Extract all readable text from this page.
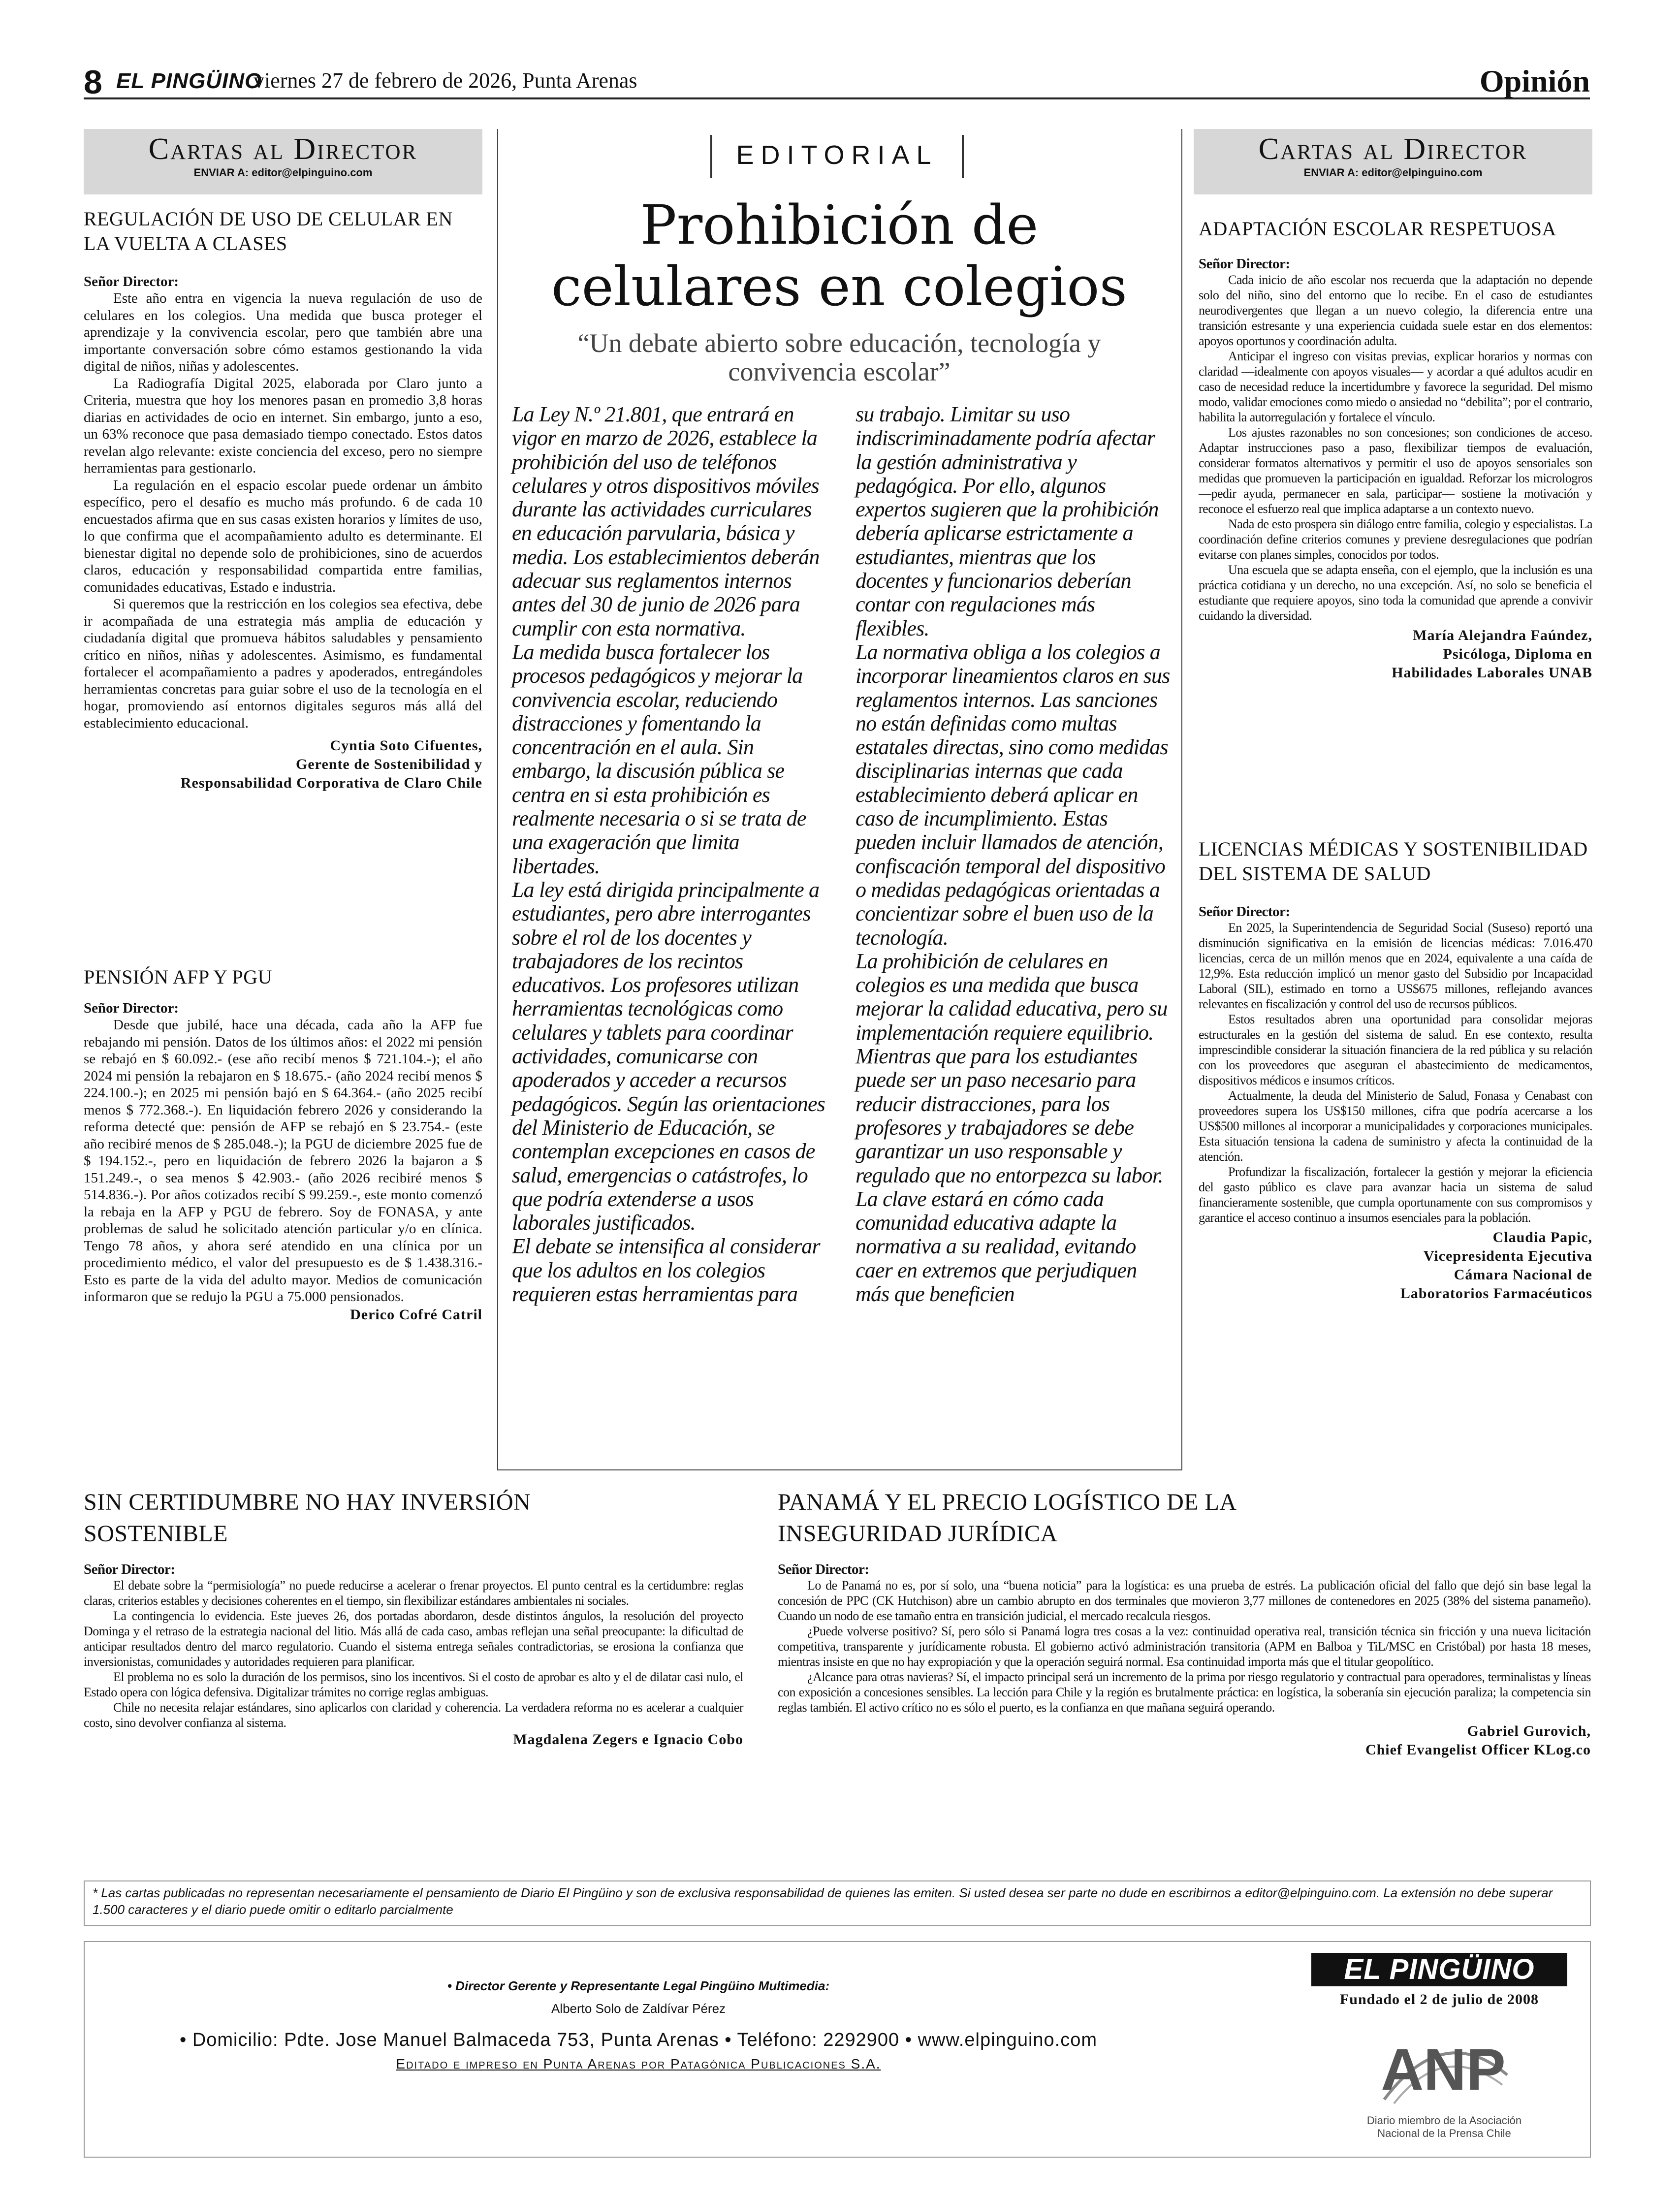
8 EL PINGÜINO
viernes 27 de febrero de 2026, Punta Arenas	Opinión
Cartas al Director
ENVIAR A: editor@elpinguino.com
REGULACIÓN DE USO DE CELULAR EN LA VUELTA A CLASES
Señor Director:

Este año entra en vigencia la nueva regulación de uso de celulares en los colegios. Una medida que busca proteger el aprendizaje y la convivencia escolar, pero que también abre una importante conversación sobre cómo estamos gestionando la vida digital de niños, niñas y adolescentes.

La Radiografía Digital 2025, elaborada por Claro junto a Criteria, muestra que hoy los menores pasan en promedio 3,8 horas diarias en actividades de ocio en internet. Sin embargo, junto a eso, un 63% reconoce que pasa demasiado tiempo conectado. Estos datos revelan algo relevante: existe conciencia del exceso, pero no siempre herramientas para gestionarlo.

La regulación en el espacio escolar puede ordenar un ámbito específico, pero el desafío es mucho más profundo. 6 de cada 10 encuestados afirma que en sus casas existen horarios y límites de uso, lo que confirma que el acompañamiento adulto es determinante. El bienestar digital no depende solo de prohibiciones, sino de acuerdos claros, educación y responsabilidad compartida entre familias, comunidades educativas, Estado e industria.

Si queremos que la restricción en los colegios sea efectiva, debe ir acompañada de una estrategia más amplia de educación y ciudadanía digital que promueva hábitos saludables y pensamiento crítico en niños, niñas y adolescentes. Asimismo, es fundamental fortalecer el acompañamiento a padres y apoderados, entregándoles herramientas concretas para guiar sobre el uso de la tecnología en el hogar, promoviendo así entornos digitales seguros más allá del establecimiento educacional.

Cyntia Soto Cifuentes,
Gerente de Sostenibilidad y
Responsabilidad Corporativa de Claro Chile
PENSIÓN AFP Y PGU
Señor Director:

Desde que jubilé, hace una década, cada año la AFP fue rebajando mi pensión. Datos de los últimos años: el 2022 mi pensión se rebajó en $ 60.092.- (ese año recibí menos $ 721.104.-); el año 2024 mi pensión la rebajaron en $ 18.675.- (año 2024 recibí menos $ 224.100.-); en 2025 mi pensión bajó en $ 64.364.- (año 2025 recibí menos $ 772.368.-). En liquidación febrero 2026 y considerando la reforma detecté que: pensión de AFP se rebajó en $ 23.754.- (este año recibiré menos de $ 285.048.-); la PGU de diciembre 2025 fue de $ 194.152.-, pero en liquidación de febrero 2026 la bajaron a $ 151.249.-, o sea menos $ 42.903.- (año 2026 recibiré menos $ 514.836.-). Por años cotizados recibí $ 99.259.-, este monto comenzó la rebaja en la AFP y PGU de febrero. Soy de FONASA, y ante problemas de salud he solicitado atención particular y/o en clínica. Tengo 78 años, y ahora seré atendido en una clínica por un procedimiento médico, el valor del presupuesto es de $ 1.438.316.- Esto es parte de la vida del adulto mayor. Medios de comunicación informaron que se redujo la PGU a 75.000 pensionados.

Derico Cofré Catril
EDITORIAL
Prohibición de celulares en colegios
“Un debate abierto sobre educación, tecnología y convivencia escolar”

La Ley N.º 21.801, que entrará en vigor en marzo de 2026, establece la prohibición del uso de teléfonos celulares y otros dispositivos móviles durante las actividades curriculares en educación parvularia, básica y media. Los establecimientos deberán adecuar sus reglamentos internos antes del 30 de junio de 2026 para cumplir con esta normativa.

La medida busca fortalecer los procesos pedagógicos y mejorar la convivencia escolar, reduciendo distracciones y fomentando la concentración en el aula. Sin embargo, la discusión pública se centra en si esta prohibición es realmente necesaria o si se trata de una exageración que limita libertades.

La ley está dirigida principalmente a estudiantes, pero abre interrogantes sobre el rol de los docentes y trabajadores de los recintos educativos. Los profesores utilizan herramientas tecnológicas como celulares y tablets para coordinar actividades, comunicarse con apoderados y acceder a recursos pedagógicos. Según las orientaciones del Ministerio de Educación, se contemplan excepciones en casos de salud, emergencias o catástrofes, lo que podría extenderse a usos laborales justificados.

El debate se intensifica al considerar que los adultos en los colegios requieren estas herramientas para

su trabajo. Limitar su uso indiscriminadamente podría afectar la gestión administrativa y pedagógica. Por ello, algunos expertos sugieren que la prohibición debería aplicarse estrictamente a estudiantes, mientras que los docentes y funcionarios deberían contar con regulaciones más flexibles.

La normativa obliga a los colegios a incorporar lineamientos claros en sus reglamentos internos. Las sanciones no están definidas como multas estatales directas, sino como medidas disciplinarias internas que cada establecimiento deberá aplicar en caso de incumplimiento. Estas pueden incluir llamados de atención, confiscación temporal del dispositivo o medidas pedagógicas orientadas a concientizar sobre el buen uso de la tecnología.

La prohibición de celulares en colegios es una medida que busca mejorar la calidad educativa, pero su implementación requiere equilibrio. Mientras que para los estudiantes puede ser un paso necesario para reducir distracciones, para los profesores y trabajadores se debe garantizar un uso responsable y regulado que no entorpezca su labor. La clave estará en cómo cada comunidad educativa adapte la normativa a su realidad, evitando caer en extremos que perjudiquen más que beneficien

Cartas al Director
ENVIAR A: editor@elpinguino.com
ADAPTACIÓN ESCOLAR RESPETUOSA
Señor Director:

Cada inicio de año escolar nos recuerda que la adaptación no depende solo del niño, sino del entorno que lo recibe. En el caso de estudiantes neurodivergentes que llegan a un nuevo colegio, la diferencia entre una transición estresante y una experiencia cuidada suele estar en dos elementos: apoyos oportunos y coordinación adulta.

Anticipar el ingreso con visitas previas, explicar horarios y normas con claridad —idealmente con apoyos visuales— y acordar a qué adultos acudir en caso de necesidad reduce la incertidumbre y favorece la seguridad. Del mismo modo, validar emociones como miedo o ansiedad no “debilita”; por el contrario, habilita la autorregulación y fortalece el vínculo.

Los ajustes razonables no son concesiones; son condiciones de acceso. Adaptar instrucciones paso a paso, flexibilizar tiempos de evaluación, considerar formatos alternativos y permitir el uso de apoyos sensoriales son medidas que promueven la participación en igualdad. Reforzar los micrologros —pedir ayuda, permanecer en sala, participar— sostiene la motivación y reconoce el esfuerzo real que implica adaptarse a un contexto nuevo.

Nada de esto prospera sin diálogo entre familia, colegio y especialistas. La coordinación define criterios comunes y previene desregulaciones que podrían evitarse con planes simples, conocidos por todos.

Una escuela que se adapta enseña, con el ejemplo, que la inclusión es una práctica cotidiana y un derecho, no una excepción. Así, no solo se beneficia el estudiante que requiere apoyos, sino toda la comunidad que aprende a convivir cuidando la diversidad.

María Alejandra Faúndez,
Psicóloga, Diploma en
Habilidades Laborales UNAB
LICENCIAS MÉDICAS Y SOSTENIBILIDAD DEL SISTEMA DE SALUD
Señor Director:

En 2025, la Superintendencia de Seguridad Social (Suseso) reportó una disminución significativa en la emisión de licencias médicas: 7.016.470 licencias, cerca de un millón menos que en 2024, equivalente a una caída de 12,9%. Esta reducción implicó un menor gasto del Subsidio por Incapacidad Laboral (SIL), estimado en torno a US$675 millones, reflejando avances relevantes en fiscalización y control del uso de recursos públicos.

Estos resultados abren una oportunidad para consolidar mejoras estructurales en la gestión del sistema de salud. En ese contexto, resulta imprescindible considerar la situación financiera de la red pública y su relación con los proveedores que aseguran el abastecimiento de medicamentos, dispositivos médicos e insumos críticos.

Actualmente, la deuda del Ministerio de Salud, Fonasa y Cenabast con proveedores supera los US$150 millones, cifra que podría acercarse a los US$500 millones al incorporar a municipalidades y corporaciones municipales. Esta situación tensiona la cadena de suministro y afecta la continuidad de la atención.

Profundizar la fiscalización, fortalecer la gestión y mejorar la eficiencia del gasto público es clave para avanzar hacia un sistema de salud financieramente sostenible, que cumpla oportunamente con sus compromisos y garantice el acceso continuo a insumos esenciales para la población.

Claudia Papic,
Vicepresidenta Ejecutiva
Cámara Nacional de
Laboratorios Farmacéuticos
SIN CERTIDUMBRE NO HAY INVERSIÓN SOSTENIBLE
Señor Director:

El debate sobre la “permisiología” no puede reducirse a acelerar o frenar proyectos. El punto central es la certidumbre: reglas claras, criterios estables y decisiones coherentes en el tiempo, sin flexibilizar estándares ambientales ni sociales.

La contingencia lo evidencia. Este jueves 26, dos portadas abordaron, desde distintos ángulos, la resolución del proyecto Dominga y el retraso de la estrategia nacional del litio. Más allá de cada caso, ambas reflejan una señal preocupante: la dificultad de anticipar resultados dentro del marco regulatorio. Cuando el sistema entrega señales contradictorias, se erosiona la confianza que inversionistas, comunidades y autoridades requieren para planificar.

El problema no es solo la duración de los permisos, sino los incentivos. Si el costo de aprobar es alto y el de dilatar casi nulo, el Estado opera con lógica defensiva. Digitalizar trámites no corrige reglas ambiguas.

Chile no necesita relajar estándares, sino aplicarlos con claridad y coherencia. La verdadera reforma no es acelerar a cualquier costo, sino devolver confianza al sistema.

Magdalena Zegers e Ignacio Cobo
PANAMÁ Y EL PRECIO LOGÍSTICO DE LA INSEGURIDAD JURÍDICA
Señor Director:

Lo de Panamá no es, por sí solo, una “buena noticia” para la logística: es una prueba de estrés. La publicación oficial del fallo que dejó sin base legal la concesión de PPC (CK Hutchison) abre un cambio abrupto en dos terminales que movieron 3,77 millones de contenedores en 2025 (38% del sistema panameño). Cuando un nodo de ese tamaño entra en transición judicial, el mercado recalcula riesgos.

¿Puede volverse positivo? Sí, pero sólo si Panamá logra tres cosas a la vez: continuidad operativa real, transición técnica sin fricción y una nueva licitación competitiva, transparente y jurídicamente robusta. El gobierno activó administración transitoria (APM en Balboa y TiL/MSC en Cristóbal) por hasta 18 meses, mientras insiste en que no hay expropiación y que la operación seguirá normal. Esa continuidad importa más que el titular geopolítico.

¿Alcance para otras navieras? Sí, el impacto principal será un incremento de la prima por riesgo regulatorio y contractual para operadores, terminalistas y líneas con exposición a concesiones sensibles. La lección para Chile y la región es brutalmente práctica: en logística, la soberanía sin ejecución paraliza; la competencia sin reglas también. El activo crítico no es sólo el puerto, es la confianza en que mañana seguirá operando.

Gabriel Gurovich,
Chief Evangelist Officer KLog.co
* Las cartas publicadas no representan necesariamente el pensamiento de Diario El Pingüino y son de exclusiva responsabilidad de quienes las emiten. Si usted desea ser parte no dude en escribirnos a editor@elpinguino.com. La extensión no debe superar 1.500 caracteres y el diario puede omitir o editarlo parcialmente
• Director Gerente y Representante Legal Pingüino Multimedia:
Alberto Solo de Zaldívar Pérez
• Domicilio: Pdte. Jose Manuel Balmaceda 753, Punta Arenas • Teléfono: 2292900 • www.elpinguino.com
Editado e impreso en Punta Arenas por Patagónica Publicaciones S.A.
EL PINGÜINO
Fundado el 2 de julio de 2008
ANP
Diario miembro de la Asociación Nacional de la Prensa Chile
